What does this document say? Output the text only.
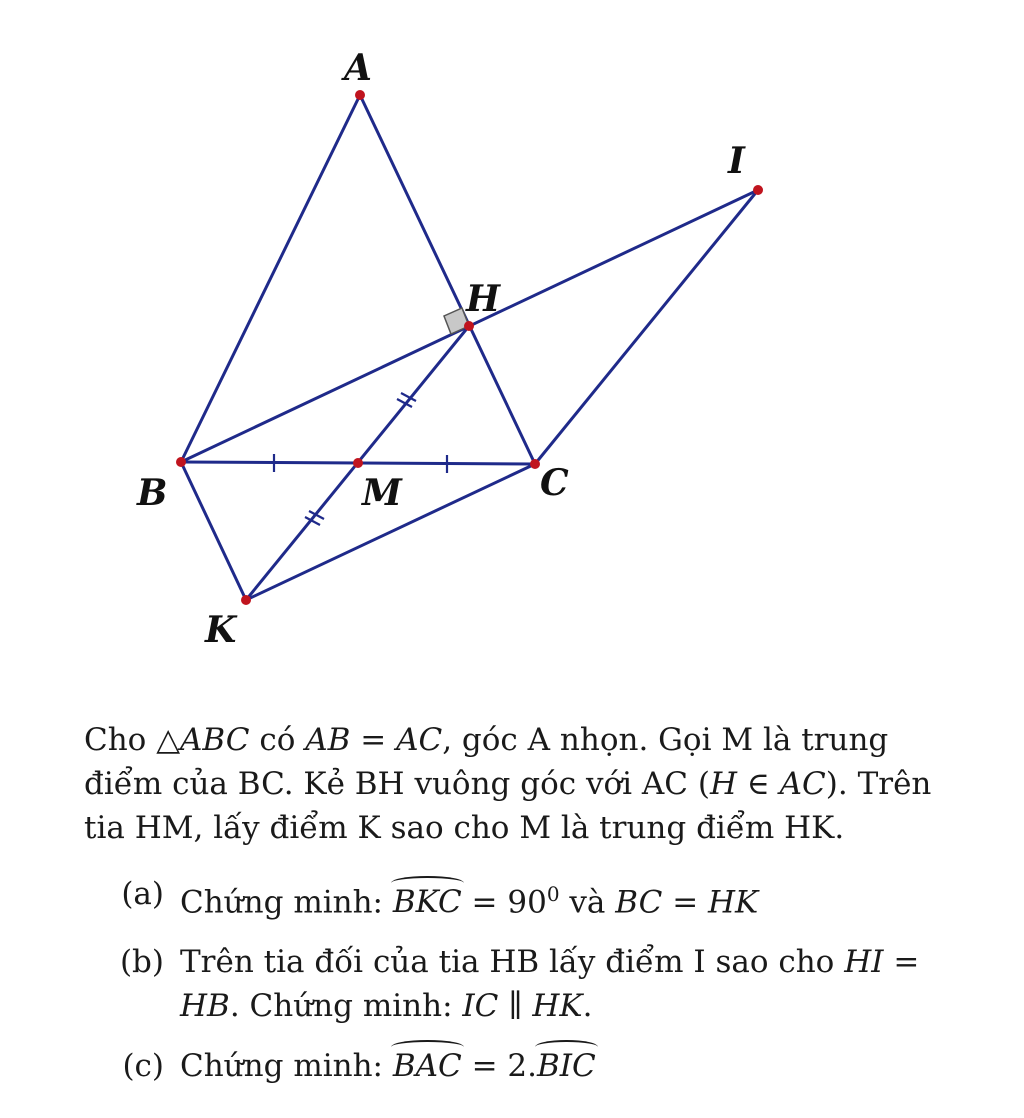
A
I
H
B	M	C
K

Cho △ABC có AB = AC, góc A nhọn. Gọi M là trung điểm của BC. Kẻ BH vuông góc với AC (H ∈ AC). Trên tia HM, lấy điểm K sao cho M là trung điểm HK.

(a) Chứng minh: BKC = $90^0$ và BC = HK
(b) Trên tia đối của tia HB lấy điểm I sao cho HI = HB. Chứng minh: IC ∥ HK.
(c) Chứng minh: BAC = 2.BIC
